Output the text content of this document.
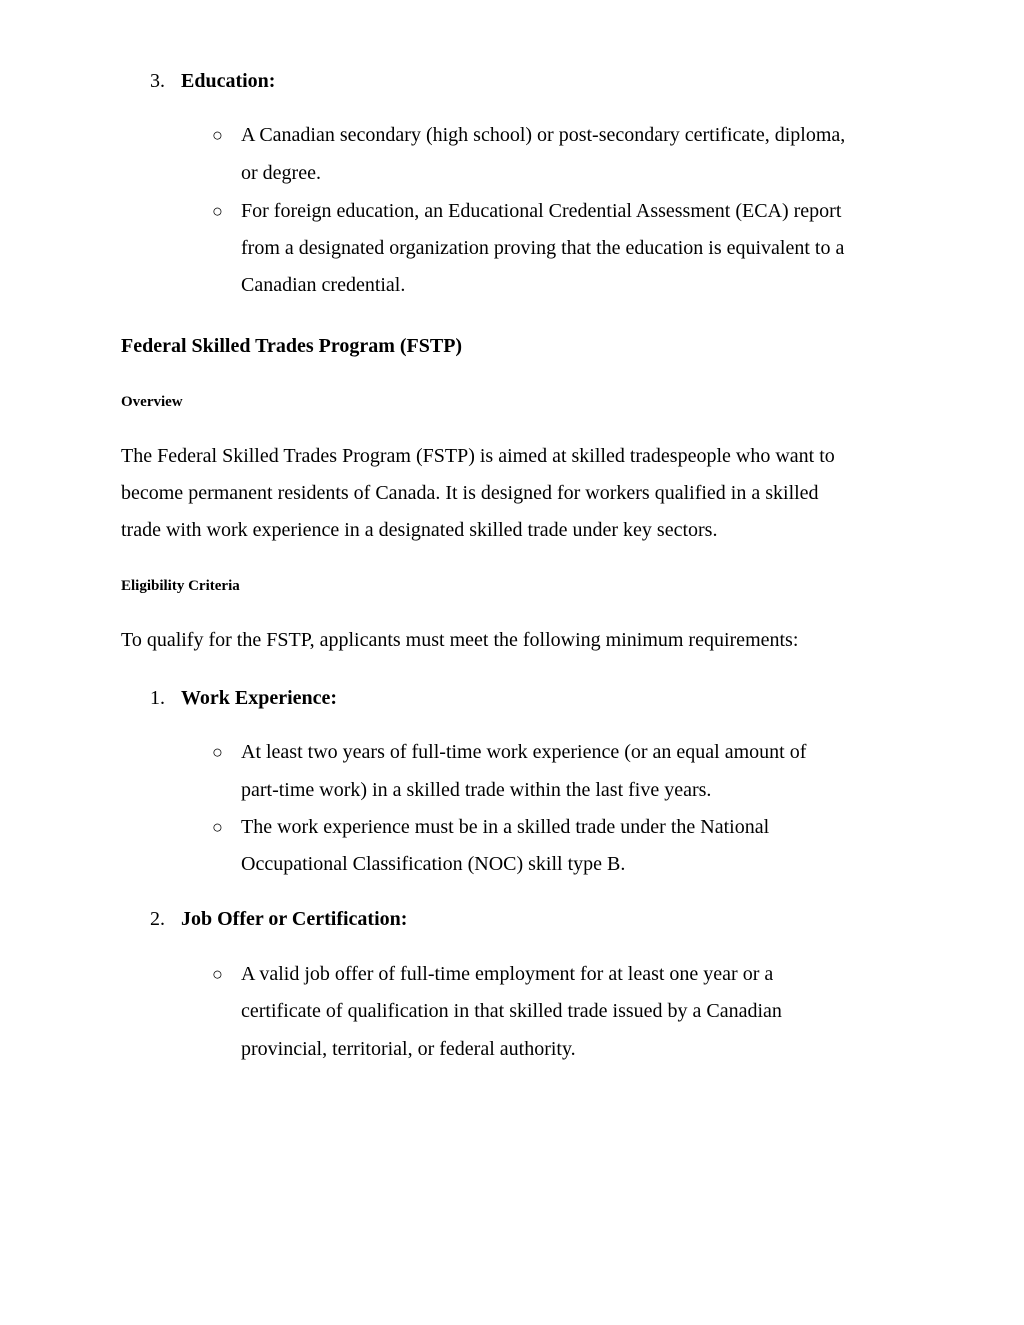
3. Education:
○ A Canadian secondary (high school) or post-secondary certificate, diploma,
or degree.
○ For foreign education, an Educational Credential Assessment (ECA) report
from a designated organization proving that the education is equivalent to a
Canadian credential.
Federal Skilled Trades Program (FSTP)
Overview
The Federal Skilled Trades Program (FSTP) is aimed at skilled tradespeople who want to
become permanent residents of Canada. It is designed for workers qualified in a skilled
trade with work experience in a designated skilled trade under key sectors.
Eligibility Criteria
To qualify for the FSTP, applicants must meet the following minimum requirements:
1. Work Experience:
○ At least two years of full-time work experience (or an equal amount of
part-time work) in a skilled trade within the last five years.
○ The work experience must be in a skilled trade under the National
Occupational Classification (NOC) skill type B.
2. Job Offer or Certification:
○ A valid job offer of full-time employment for at least one year or a
certificate of qualification in that skilled trade issued by a Canadian
provincial, territorial, or federal authority.
